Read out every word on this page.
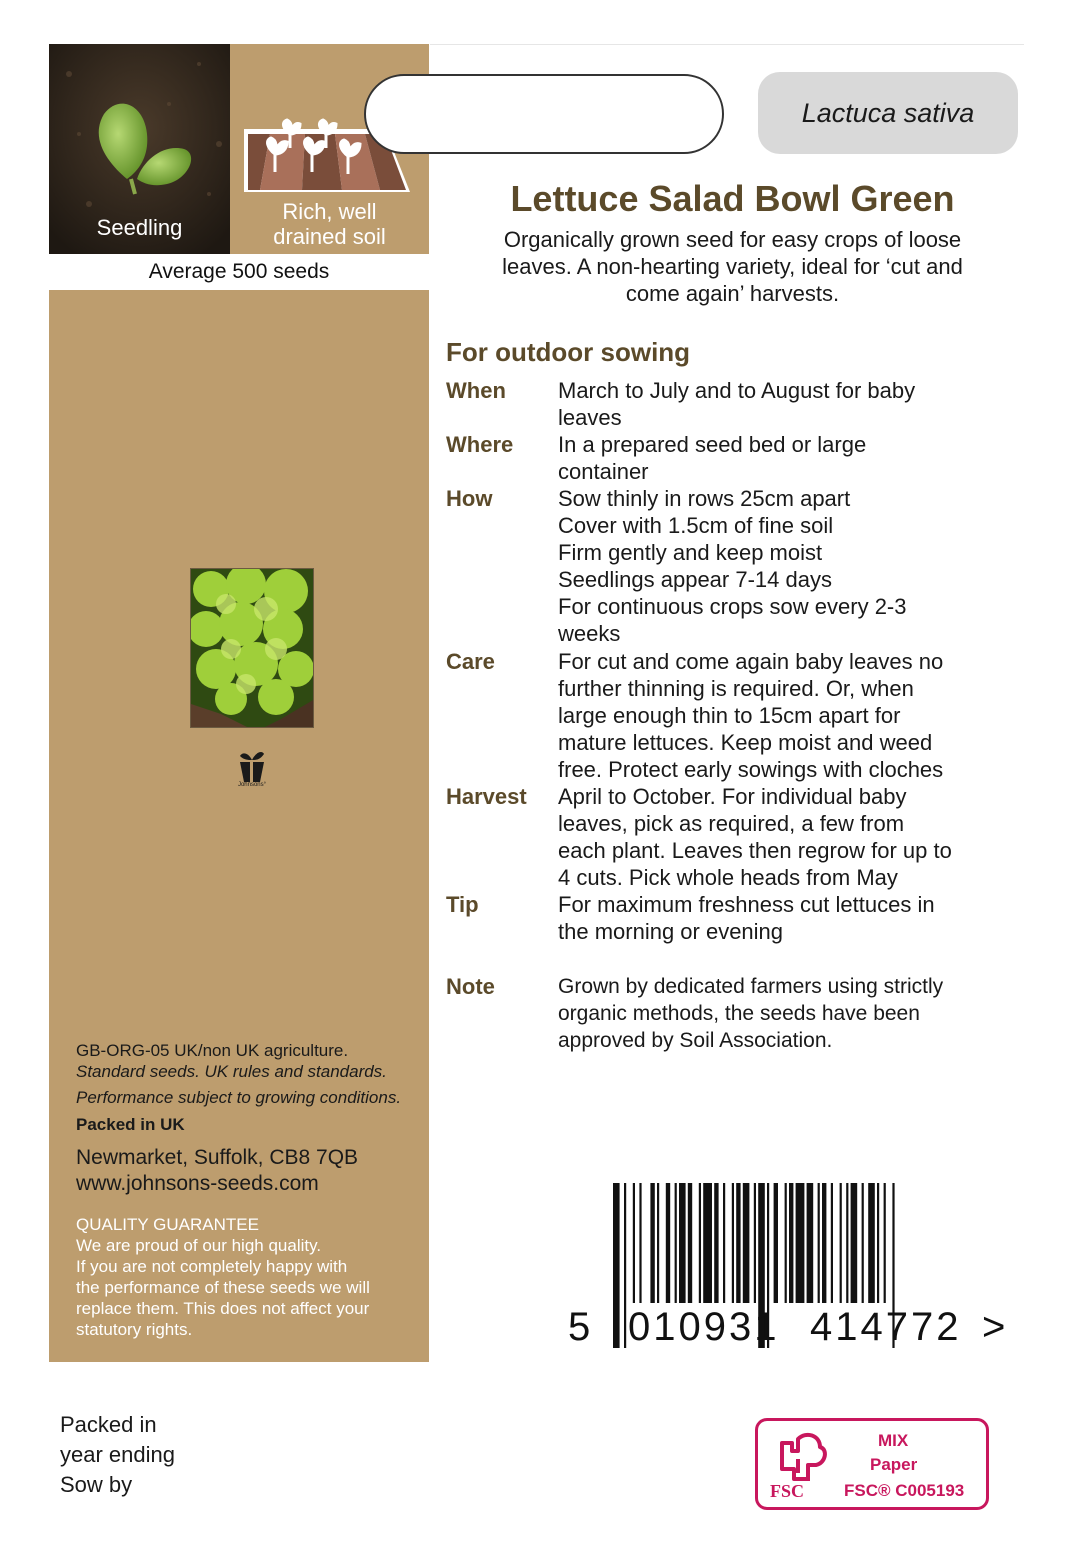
Seedling
Rich, well
drained soil
Average 500 seeds
Johnsons°
GB-ORG-05 UK/non UK agriculture.
Standard seeds. UK rules and standards.
Performance subject to growing conditions.
Packed in UK
Newmarket, Suffolk, CB8 7QB
www.johnsons-seeds.com
QUALITY GUARANTEE
We are proud of our high quality.
If you are not completely happy with
the performance of these seeds we will
replace them. This does not affect your
statutory rights.
Lactuca sativa
Lettuce Salad Bowl Green
Organically grown seed for easy crops of loose
leaves. A non-hearting variety, ideal for ‘cut and
come again’ harvests.
For outdoor sowing
When March to July and to August for baby
leaves
Where In a prepared seed bed or large
container
How	Sow thinly in rows 25cm apart
Cover with 1.5cm of fine soil
Firm gently and keep moist
Seedlings appear 7-14 days
For continuous crops sow every 2-3
weeks
Care	For cut and come again baby leaves no
further thinning is required. Or, when
large enough thin to 15cm apart for
mature lettuces. Keep moist and weed
free. Protect early sowings with cloches
Harvest April to October. For individual baby
leaves, pick as required, a few from
each plant. Leaves then regrow for up to
4 cuts. Pick whole heads from May
Tip	For maximum freshness cut lettuces in
the morning or evening
Note	Grown by dedicated farmers using strictly
organic methods, the seeds have been
approved by Soil Association.
5 010931 414772 >
Packed in
year ending
Sow by	FSC
MIX
Paper
FSC® C005193
